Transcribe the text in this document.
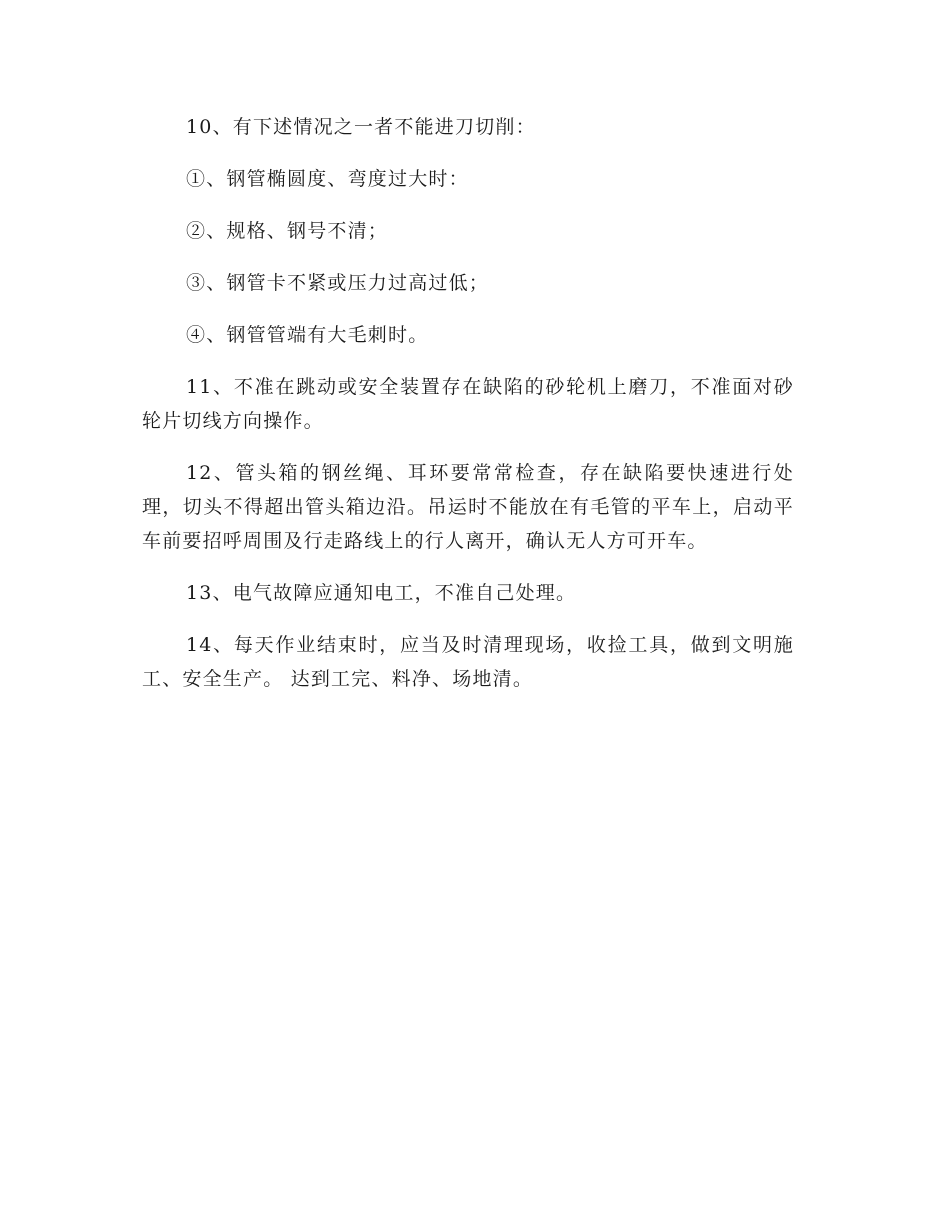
10、有下述情况之一者不能进刀切削：

①、钢管椭圆度、弯度过大时：

②、规格、钢号不清；

③、钢管卡不紧或压力过高过低；

④、钢管管端有大毛刺时。

11、不准在跳动或安全装置存在缺陷的砂轮机上磨刀，不准面对砂轮片切线方向操作。

12、管头箱的钢丝绳、耳环要常常检查，存在缺陷要快速进行处理，切头不得超出管头箱边沿。吊运时不能放在有毛管的平车上，启动平车前要招呼周围及行走路线上的行人离开，确认无人方可开车。

13、电气故障应通知电工，不准自己处理。

14、每天作业结束时，应当及时清理现场，收捡工具，做到文明施工、安全生产。 达到工完、料净、场地清。
